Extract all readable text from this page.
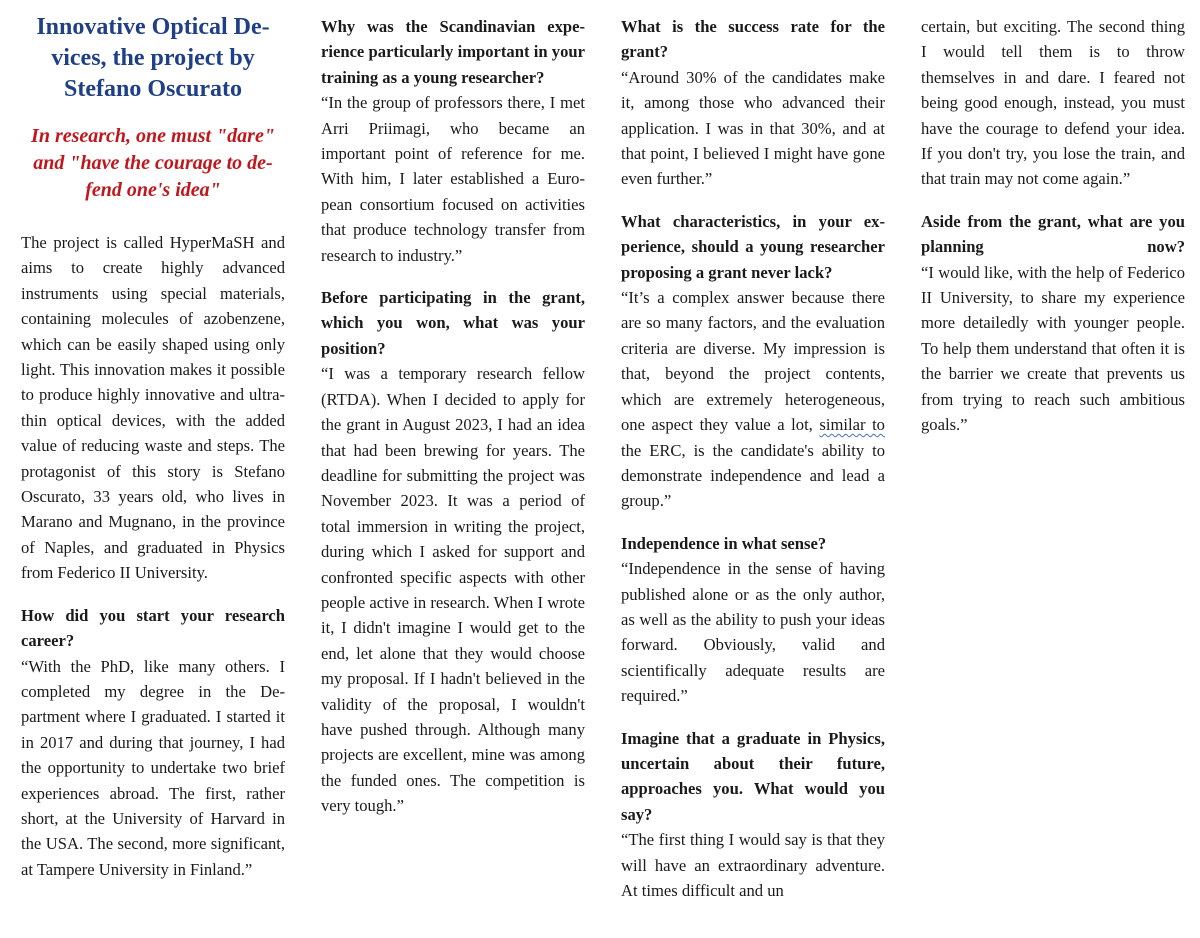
Innovative Optical Devices, the project by Stefano Oscurato
In research, one must "dare" and "have the courage to defend one's idea"

The project is called HyperMaSH and aims to create highly advanced instruments using special materials, containing molecules of azobenzene, which can be easily shaped using only light. This innovation makes it possible to produce highly innovative and ultra-thin optical devices, with the added value of reducing waste and steps. The protagonist of this story is Stefano Oscurato, 33 years old, who lives in Marano and Mugnano, in the province of Naples, and graduated in Physics from Federico II University.

How did you start your research career?
“With the PhD, like many others. I completed my degree in the Department where I graduated. I started it in 2017 and during that journey, I had the opportunity to undertake two brief experiences abroad. The first, rather short, at the University of Harvard in the USA. The second, more significant, at Tampere University in Finland.”

Why was the Scandinavian experience particularly important in your training as a young researcher?
“In the group of professors there, I met Arri Priimagi, who became an important point of reference for me. With him, I later established a European consortium focused on activities that produce technology transfer from research to industry.”

Before participating in the grant, which you won, what was your position?
“I was a temporary research fellow (RTDA). When I decided to apply for the grant in August 2023, I had an idea that had been brewing for years. The deadline for submitting the project was November 2023. It was a period of total immersion in writing the project, during which I asked for support and confronted specific aspects with other people active in research. When I wrote it, I didn't imagine I would get to the end, let alone that they would choose my proposal. If I hadn't believed in the validity of the proposal, I wouldn't have pushed through. Although many projects are excellent, mine was among the funded ones. The competition is very tough.”

What is the success rate for the grant?
“Around 30% of the candidates make it, among those who advanced their application. I was in that 30%, and at that point, I believed I might have gone even further.”

What characteristics, in your experience, should a young researcher proposing a grant never lack?
“It’s a complex answer because there are so many factors, and the evaluation criteria are diverse. My impression is that, beyond the project contents, which are extremely heterogeneous, one aspect they value a lot, similar to the ERC, is the candidate's ability to demonstrate independence and lead a group.”

Independence in what sense?
“Independence in the sense of having published alone or as the only author, as well as the ability to push your ideas forward. Obviously, valid and scientifically adequate results are required.”

Imagine that a graduate in Physics, uncertain about their future, approaches you. What would you say?
“The first thing I would say is that they will have an extraordinary adventure. At times difficult and un

certain, but exciting. The second thing I would tell them is to throw themselves in and dare. I feared not being good enough, instead, you must have the courage to defend your idea. If you don't try, you lose the train, and that train may not come again.”

Aside from the grant, what are you planning now?
“I would like, with the help of Federico II University, to share my experience more detailedly with younger people. To help them understand that often it is the barrier we create that prevents us from trying to reach such ambitious goals.”
